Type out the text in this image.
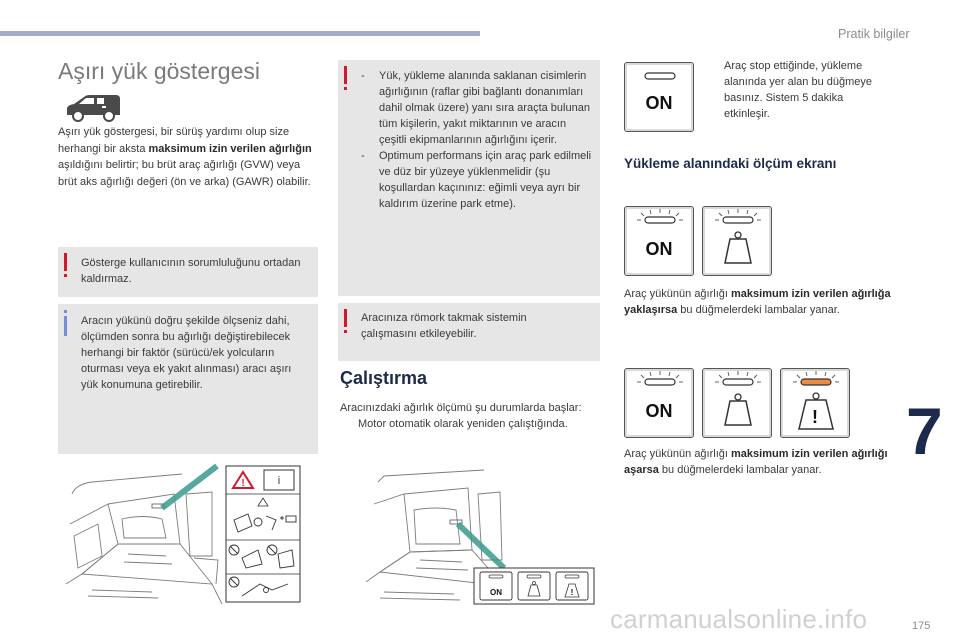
Pratik bilgiler
Aşırı yük göstergesi
Aşırı yük göstergesi, bir sürüş yardımı olup size herhangi bir aksta maksimum izin verilen ağırlığın aşıldığını belirtir; bu brüt araç ağırlığı (GVW) veya brüt aks ağırlığı değeri (ön ve arka) (GAWR) olabilir.
Gösterge kullanıcının sorumluluğunu ortadan kaldırmaz.
Aracın yükünü doğru şekilde ölçseniz dahi, ölçümden sonra bu ağırlığı değiştirebilecek herhangi bir faktör (sürücü/ek yolcuların oturması veya ek yakıt alınması) aracı aşırı yük konumuna getirebilir.
!	i
- Yük, yükleme alanında saklanan cisimlerin ağırlığının (raflar gibi bağlantı donanımları dahil olmak üzere) yanı sıra araçta bulunan tüm kişilerin, yakıt miktarının ve aracın çeşitli ekipmanlarının ağırlığını içerir.
- Optimum performans için araç park edilmeli ve düz bir yüzeye yüklenmelidir (şu koşullardan kaçınınız: eğimli veya ayrı bir kaldırım üzerine park etme).
Aracınıza römork takmak sistemin çalışmasını etkileyebilir.
Çalıştırma
Aracınızdaki ağırlık ölçümü şu durumlarda başlar:
Motor otomatik olarak yeniden çalıştığında.
ON	!
ON
Araç stop ettiğinde, yükleme alanında yer alan bu düğmeye basınız. Sistem 5 dakika etkinleşir.
Yükleme alanındaki ölçüm ekranı
ON
Araç yükünün ağırlığı maksimum izin verilen ağırlığa yaklaşırsa bu düğmelerdeki lambalar yanar.
ON	!
Araç yükünün ağırlığı maksimum izin verilen ağırlığı aşarsa bu düğmelerdeki lambalar yanar.
7
carmanualsonline.info	175
